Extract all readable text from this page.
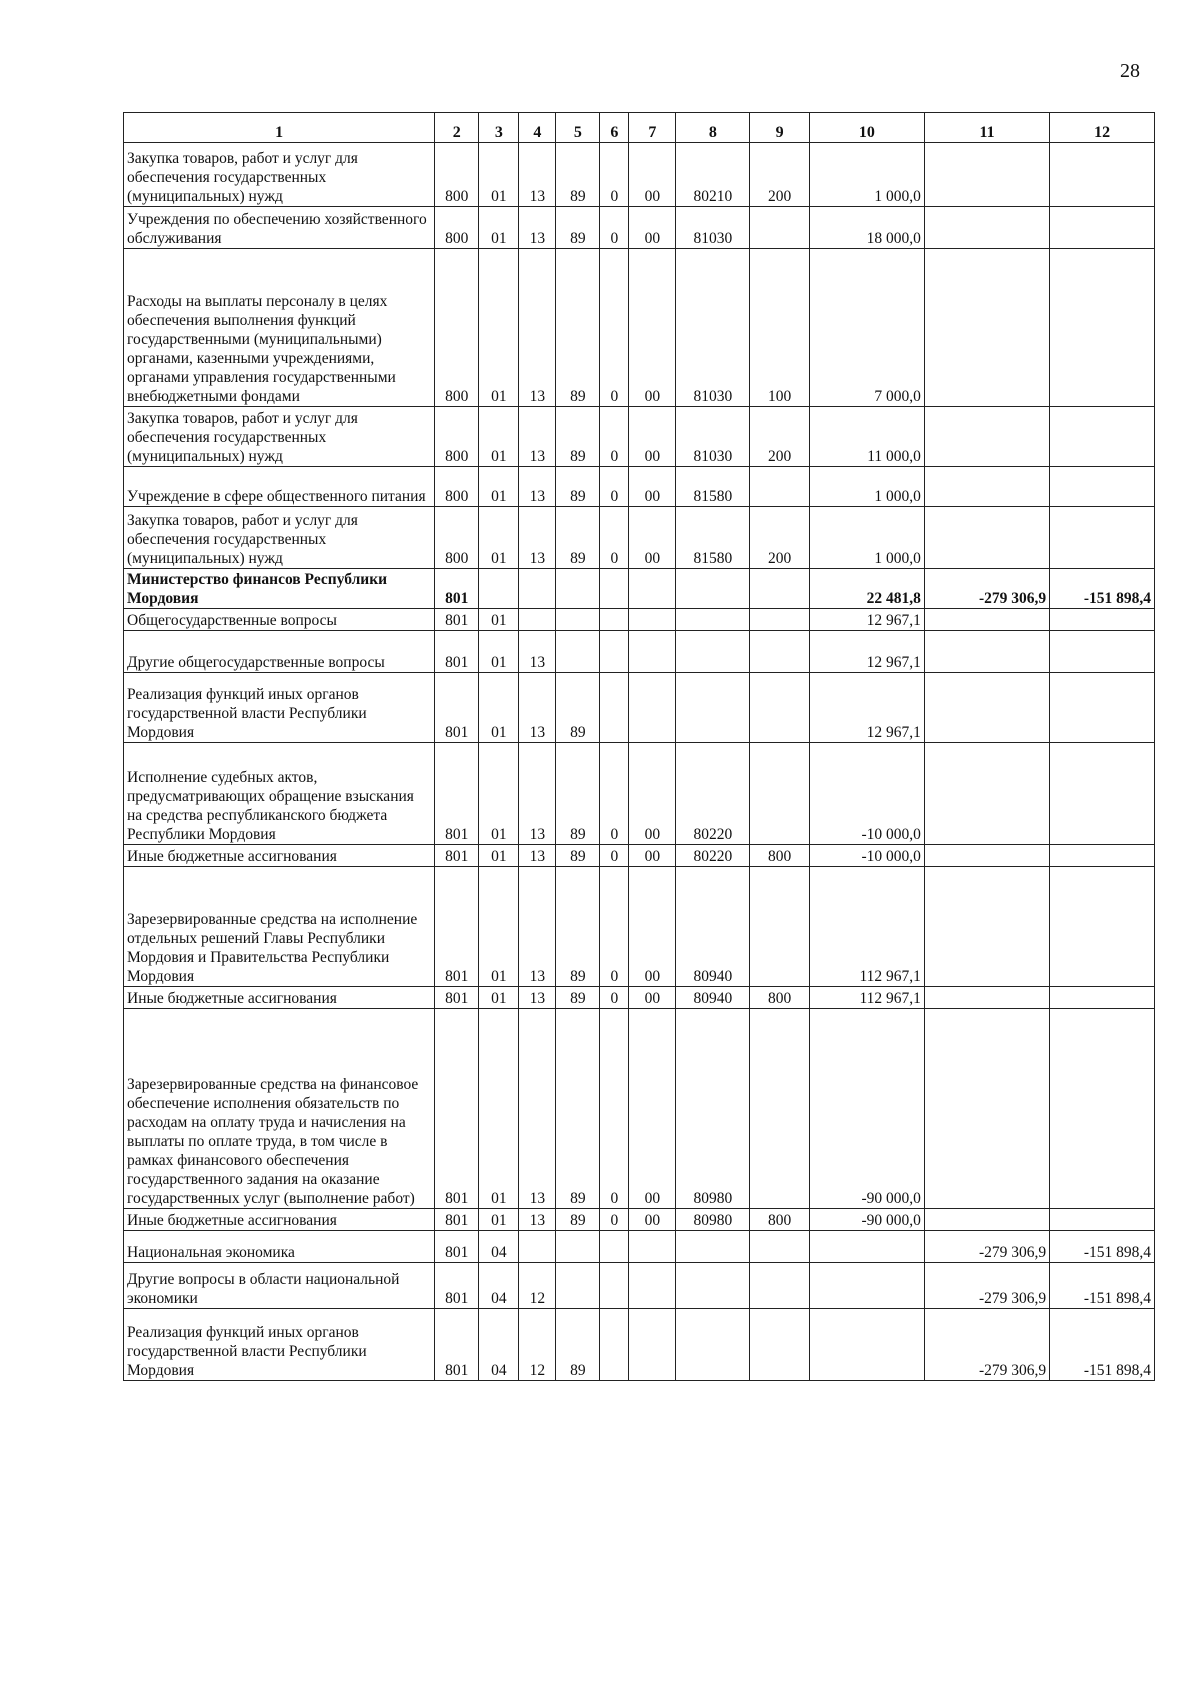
28
1	2	3	4	5	6	7	8	9	10	11	12
Закупка товаров, работ и услуг для обеспечения государственных (муниципальных) нужд	800	01	13	89	0	00	80210	200	1 000,0		
Учреждения по обеспечению хозяйственного обслуживания	800	01	13	89	0	00	81030		18 000,0		
Расходы на выплаты персоналу в целях обеспечения выполнения функций государственными (муниципальными) органами, казенными учреждениями, органами управления государственными внебюджетными фондами	800	01	13	89	0	00	81030	100	7 000,0		
Закупка товаров, работ и услуг для обеспечения государственных (муниципальных) нужд	800	01	13	89	0	00	81030	200	11 000,0		
Учреждение в сфере общественного питания	800	01	13	89	0	00	81580		1 000,0		
Закупка товаров, работ и услуг для обеспечения государственных (муниципальных) нужд	800	01	13	89	0	00	81580	200	1 000,0		
Министерство финансов Республики Мордовия	801								22 481,8	-279 306,9	-151 898,4
Общегосударственные вопросы	801	01							12 967,1		
Другие общегосударственные вопросы	801	01	13						12 967,1		
Реализация функций иных органов государственной власти Республики Мордовия	801	01	13	89					12 967,1		
Исполнение судебных актов, предусматривающих обращение взыскания на средства республиканского бюджета Республики Мордовия	801	01	13	89	0	00	80220		-10 000,0		
Иные бюджетные ассигнования	801	01	13	89	0	00	80220	800	-10 000,0		
Зарезервированные средства на исполнение отдельных решений Главы Республики Мордовия и Правительства Республики Мордовия	801	01	13	89	0	00	80940		112 967,1		
Иные бюджетные ассигнования	801	01	13	89	0	00	80940	800	112 967,1		
Зарезервированные средства на финансовое обеспечение исполнения обязательств по расходам на оплату труда и начисления на выплаты по оплате труда, в том числе в рамках финансового обеспечения государственного задания на оказание государственных услуг (выполнение работ)	801	01	13	89	0	00	80980		-90 000,0		
Иные бюджетные ассигнования	801	01	13	89	0	00	80980	800	-90 000,0		
Национальная экономика	801	04								-279 306,9	-151 898,4
Другие вопросы в области национальной экономики	801	04	12							-279 306,9	-151 898,4
Реализация функций иных органов государственной власти Республики Мордовия	801	04	12	89						-279 306,9	-151 898,4
